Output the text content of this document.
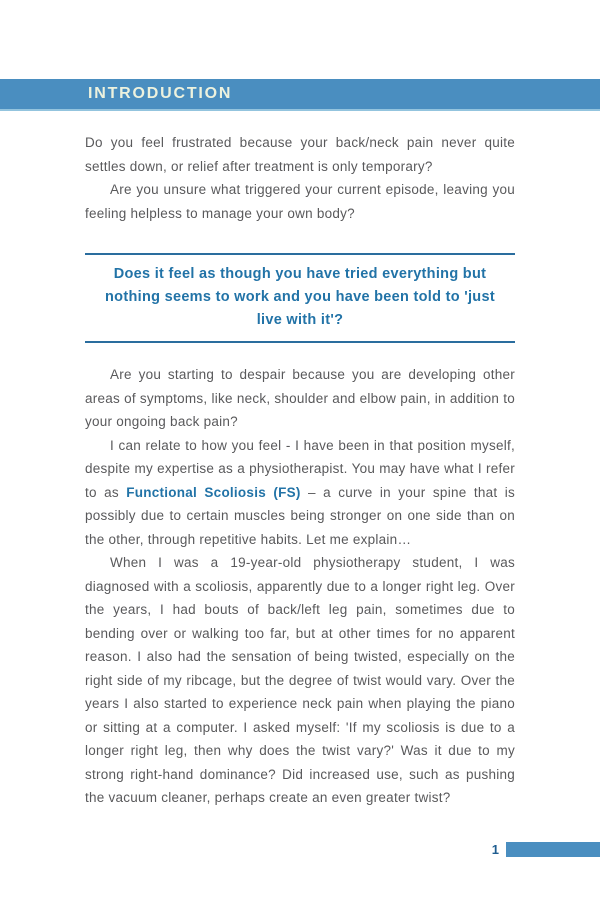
INTRODUCTION

Do you feel frustrated because your back/neck pain never quite settles down, or relief after treatment is only temporary?

Are you unsure what triggered your current episode, leaving you feeling helpless to manage your own body?

Does it feel as though you have tried everything but nothing seems to work and you have been told to 'just live with it'?

Are you starting to despair because you are developing other areas of symptoms, like neck, shoulder and elbow pain, in addition to your ongoing back pain?

I can relate to how you feel - I have been in that position myself, despite my expertise as a physiotherapist. You may have what I refer to as Functional Scoliosis (FS) – a curve in your spine that is possibly due to certain muscles being stronger on one side than on the other, through repetitive habits. Let me explain…

When I was a 19-year-old physiotherapy student, I was diagnosed with a scoliosis, apparently due to a longer right leg. Over the years, I had bouts of back/left leg pain, sometimes due to bending over or walking too far, but at other times for no apparent reason. I also had the sensation of being twisted, especially on the right side of my ribcage, but the degree of twist would vary. Over the years I also started to experience neck pain when playing the piano or sitting at a computer. I asked myself: 'If my scoliosis is due to a longer right leg, then why does the twist vary?' Was it due to my strong right-hand dominance? Did increased use, such as pushing the vacuum cleaner, perhaps create an even greater twist?

1
